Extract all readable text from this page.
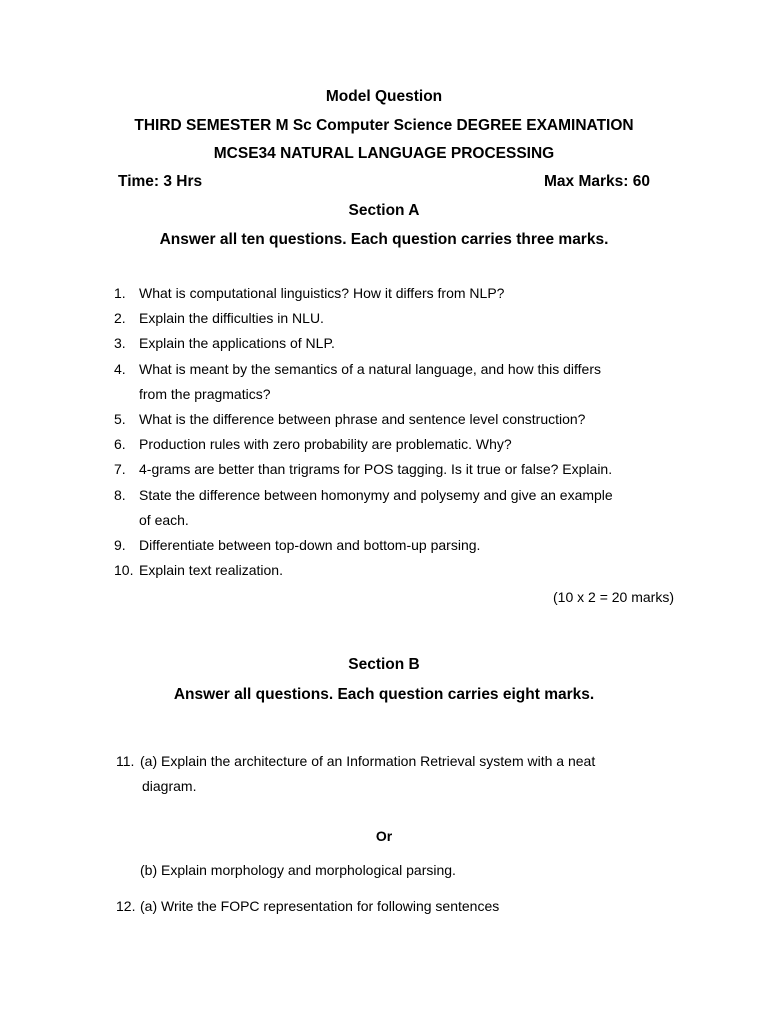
Model Question
THIRD SEMESTER M Sc Computer Science DEGREE EXAMINATION
MCSE34 NATURAL LANGUAGE PROCESSING
Time: 3 Hrs	Max Marks: 60
Section A
Answer all ten questions. Each question carries three marks.
1. What is computational linguistics? How it differs from NLP?
2. Explain the difficulties in NLU.
3. Explain the applications of NLP.
4. What is meant by the semantics of a natural language, and how this differs
from the pragmatics?
5. What is the difference between phrase and sentence level construction?
6. Production rules with zero probability are problematic. Why?
7. 4-grams are better than trigrams for POS tagging. Is it true or false? Explain.
8. State the difference between homonymy and polysemy and give an example
of each.
9. Differentiate between top-down and bottom-up parsing.
10. Explain text realization.
(10 x 2 = 20 marks)
Section B
Answer all questions. Each question carries eight marks.
11. (a) Explain the architecture of an Information Retrieval system with a neat
diagram.
Or
(b) Explain morphology and morphological parsing.
12. (a) Write the FOPC representation for following sentences
